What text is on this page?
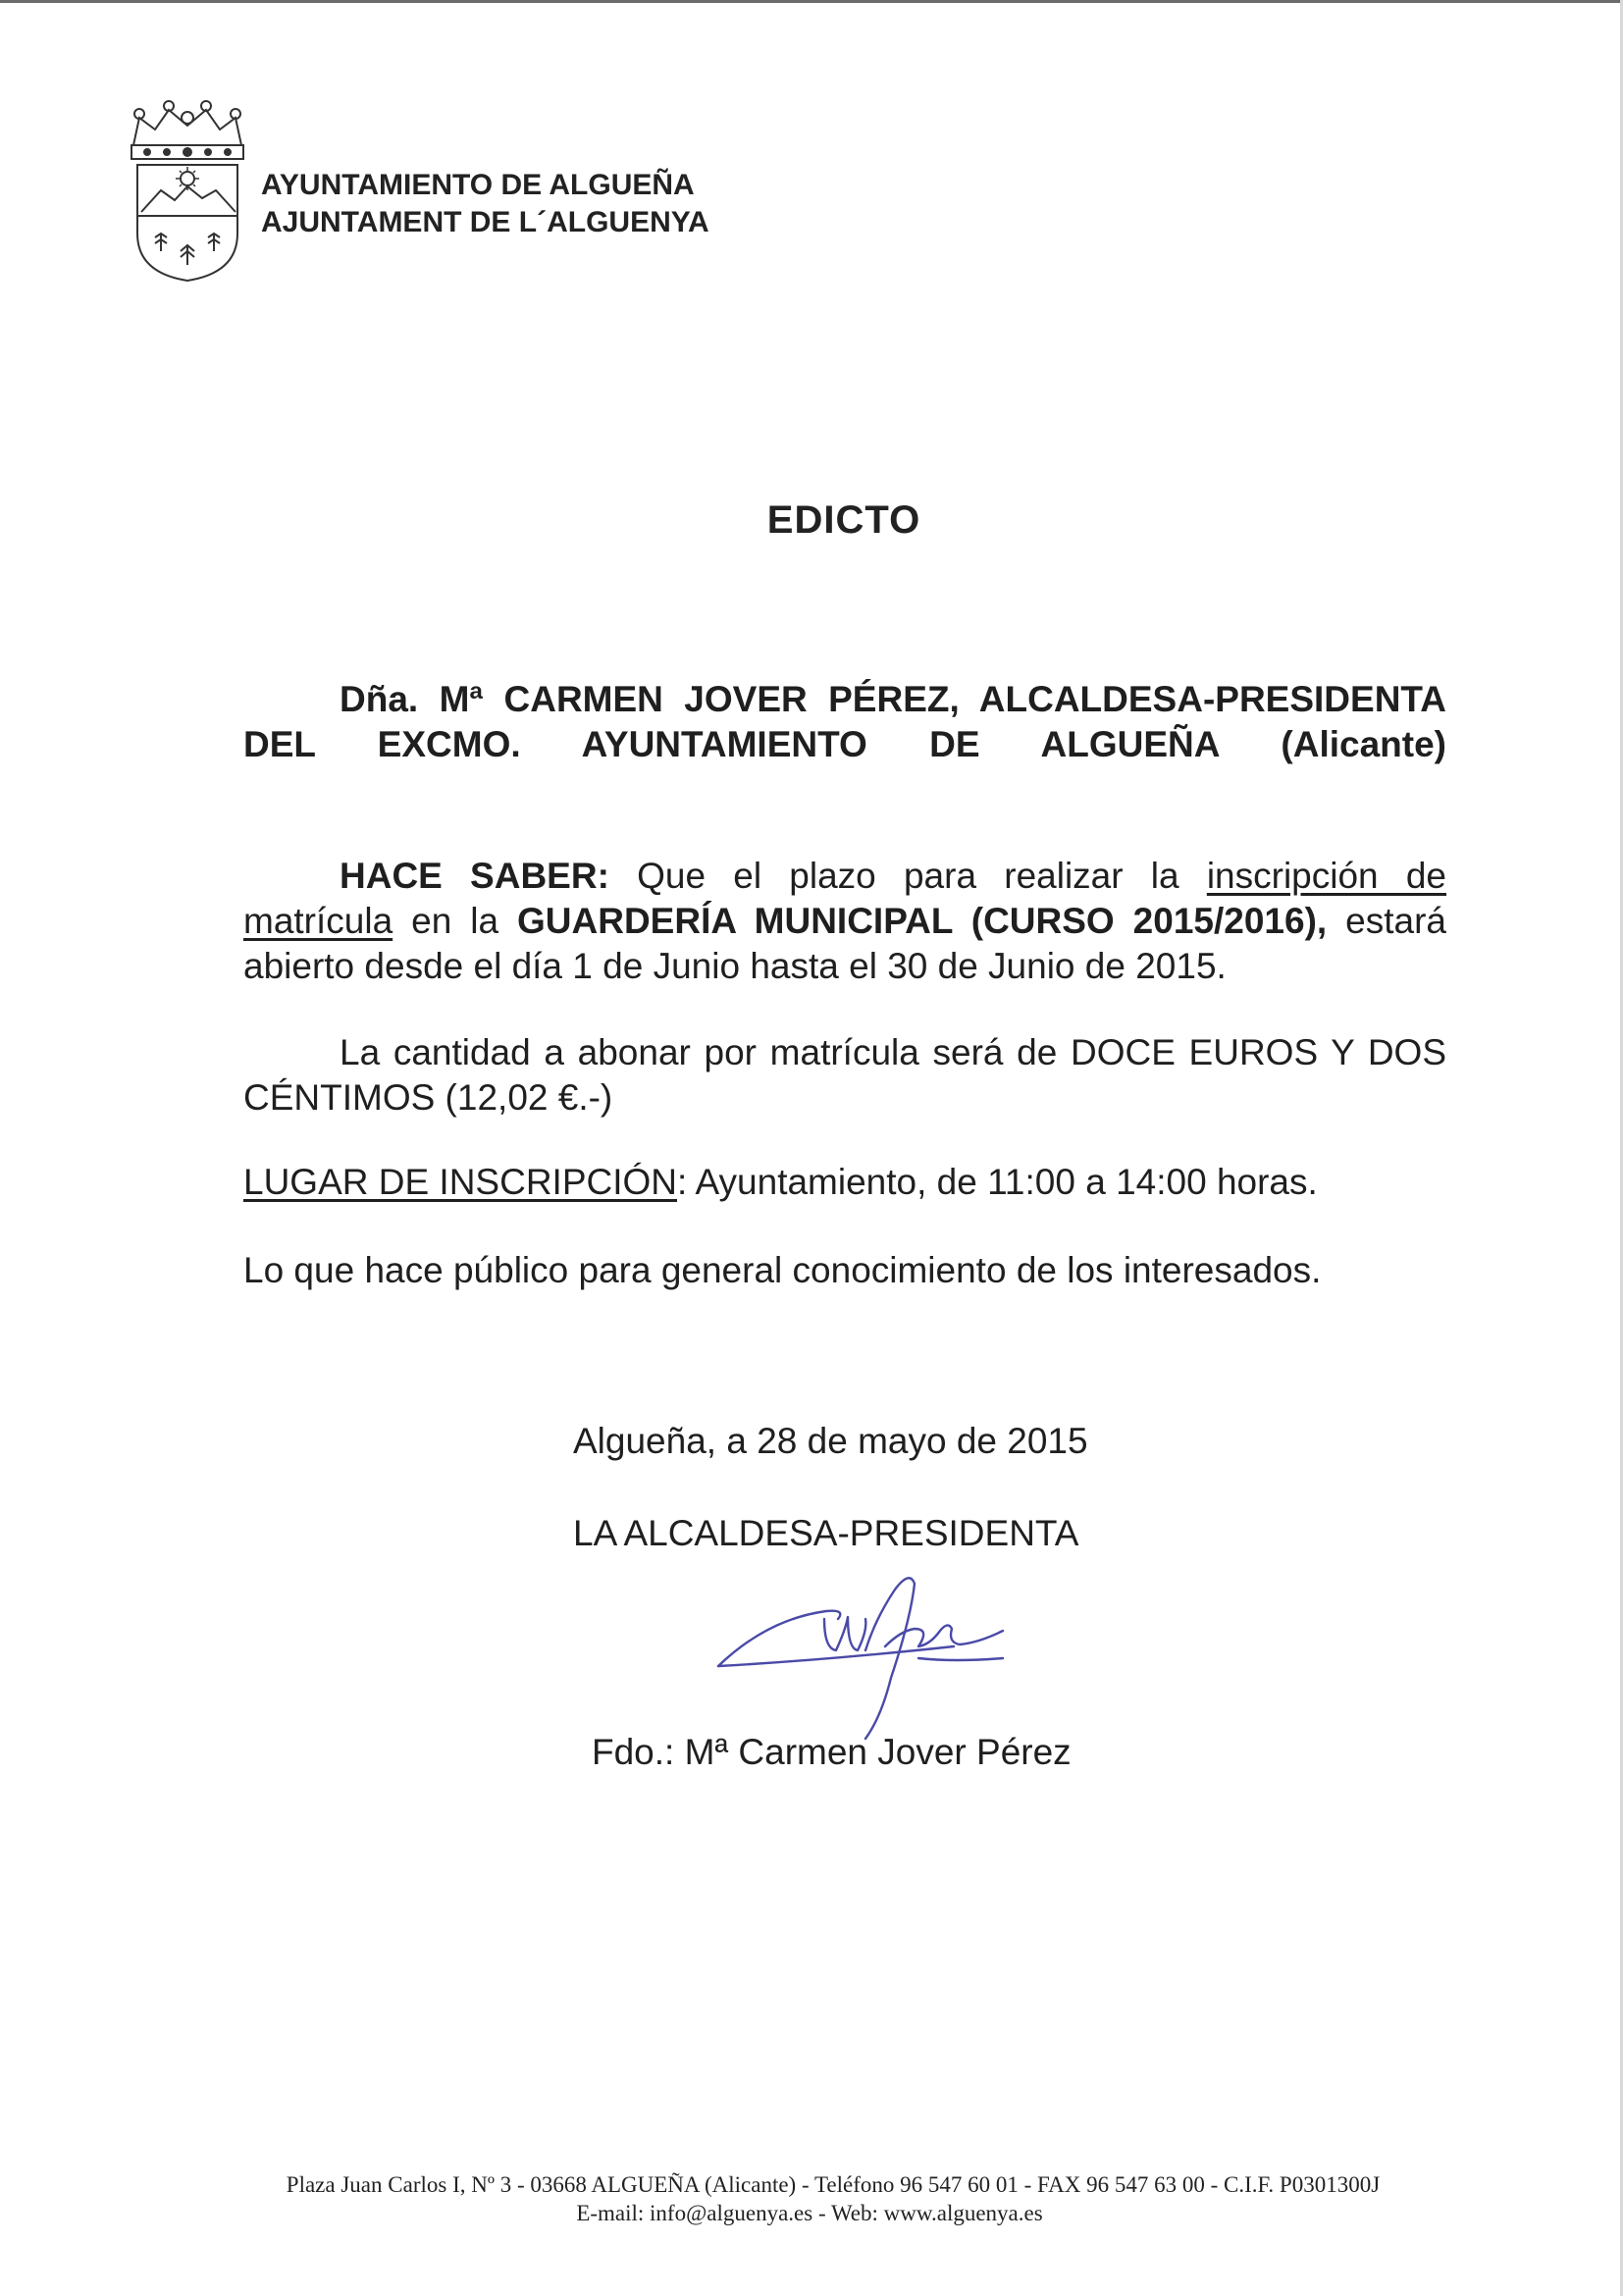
AYUNTAMIENTO DE ALGUEÑA
AJUNTAMENT DE L´ALGUENYA
EDICTO
Dña. Mª CARMEN JOVER PÉREZ, ALCALDESA-PRESIDENTA DEL EXCMO. AYUNTAMIENTO DE ALGUEÑA (Alicante)
HACE SABER: Que el plazo para realizar la inscripción de matrícula en la GUARDERÍA MUNICIPAL (CURSO 2015/2016), estará abierto desde el día 1 de Junio hasta el 30 de Junio de 2015.
La cantidad a abonar por matrícula será de DOCE EUROS Y DOS CÉNTIMOS (12,02 €.-)
LUGAR DE INSCRIPCIÓN: Ayuntamiento, de 11:00 a 14:00 horas.
Lo que hace público para general conocimiento de los interesados.
Algueña, a 28 de mayo de 2015
LA ALCALDESA-PRESIDENTA
Fdo.: Mª Carmen Jover Pérez
Plaza Juan Carlos I, Nº 3 - 03668 ALGUEÑA (Alicante) - Teléfono 96 547 60 01 - FAX 96 547 63 00 - C.I.F. P0301300J
E-mail: info@alguenya.es - Web: www.alguenya.es
